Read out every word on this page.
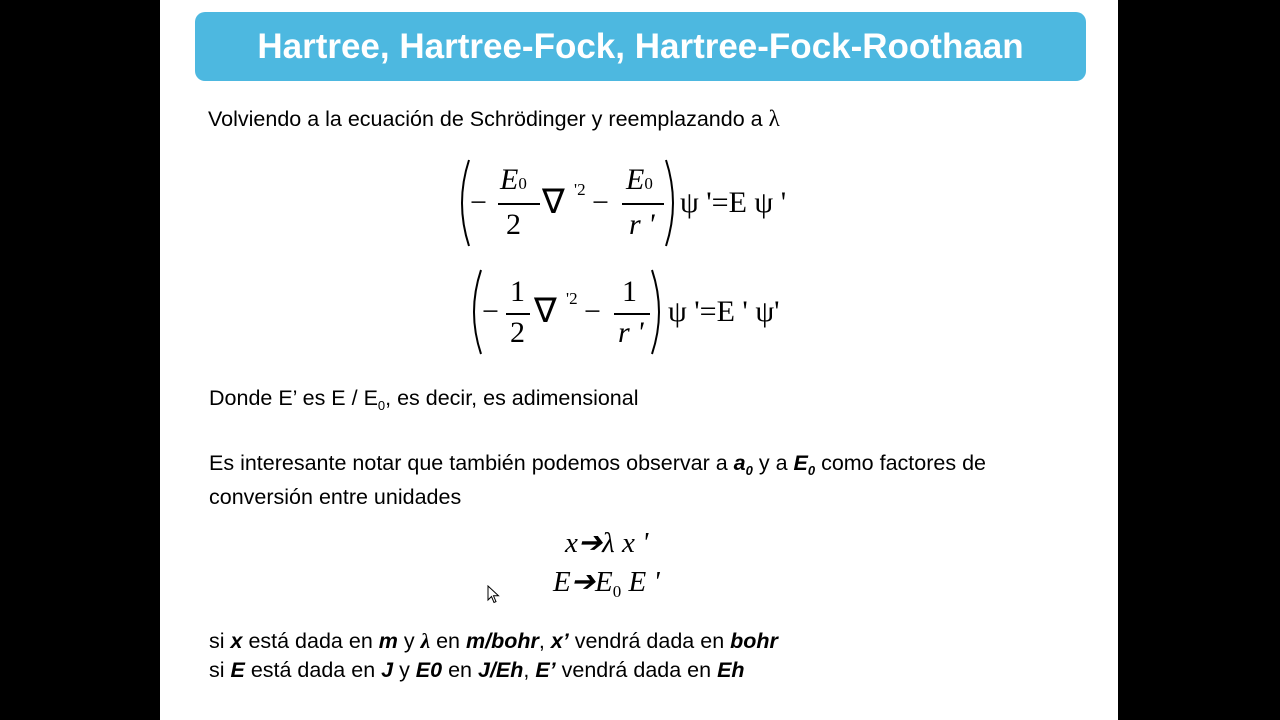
Hartree, Hartree-Fock, Hartree-Fock-Roothaan
Volviendo a la ecuación de Schrödinger y reemplazando a λ
−
E0
2
∇ '2 −
E0
r '
ψ '=E ψ '
−
1
2
∇ '2 −
1
r '
ψ '=E ' ψ'
Donde E’ es E / $E_0$, es decir, es adimensional
Es interesante notar que también podemos observar a $a_0$ y a $E_0$ como factores de
conversión entre unidades
x➔λ x '
$E➔E_0$ E '
si x está dada en m y λ en m/bohr, x’ vendrá dada en bohr
si E está dada en J y E0 en J/Eh, E’ vendrá dada en Eh
